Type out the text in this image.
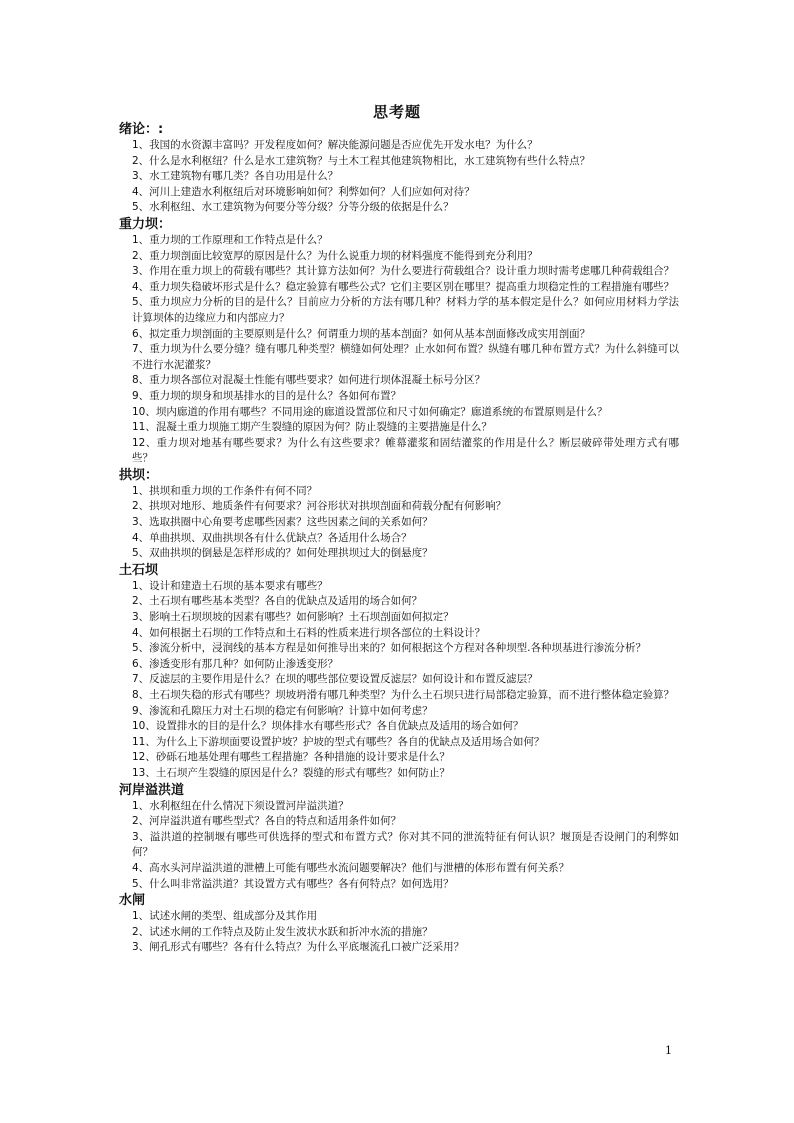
思考题
绪论：:
1、我国的水资源丰富吗？开发程度如何？解决能源问题是否应优先开发水电？为什么？
2、什么是水利枢纽？什么是水工建筑物？与土木工程其他建筑物相比，水工建筑物有些什么特点？
3、水工建筑物有哪几类？各自功用是什么？
4、河川上建造水利枢纽后对环境影响如何？利弊如何？人们应如何对待？
5、水利枢纽、水工建筑物为何要分等分级？分等分级的依据是什么？
重力坝：
1、重力坝的工作原理和工作特点是什么？
2、重力坝剖面比较宽厚的原因是什么？为什么说重力坝的材料强度不能得到充分利用？
3、作用在重力坝上的荷载有哪些？其计算方法如何？为什么要进行荷载组合？设计重力坝时需考虑哪几种荷载组合？
4、重力坝失稳破坏形式是什么？稳定验算有哪些公式？它们主要区别在哪里？提高重力坝稳定性的工程措施有哪些？
5、重力坝应力分析的目的是什么？目前应力分析的方法有哪几种？材料力学的基本假定是什么？如何应用材料力学法计算坝体的边缘应力和内部应力？
6、拟定重力坝剖面的主要原则是什么？何谓重力坝的基本剖面？如何从基本剖面修改成实用剖面？
7、重力坝为什么要分缝？缝有哪几种类型？横缝如何处理？止水如何布置？纵缝有哪几种布置方式？为什么斜缝可以不进行水泥灌浆？
8、重力坝各部位对混凝土性能有哪些要求？如何进行坝体混凝土标号分区？
9、重力坝的坝身和坝基排水的目的是什么？各如何布置？
10、坝内廊道的作用有哪些？不同用途的廊道设置部位和尺寸如何确定？廊道系统的布置原则是什么？
11、混凝土重力坝施工期产生裂缝的原因为何？防止裂缝的主要措施是什么？
12、重力坝对地基有哪些要求？为什么有这些要求？帷幕灌浆和固结灌浆的作用是什么？断层破碎带处理方式有哪些？
拱坝：
1、拱坝和重力坝的工作条件有何不同？
2、拱坝对地形、地质条件有何要求？河谷形状对拱坝剖面和荷载分配有何影响？
3、选取拱圈中心角要考虑哪些因素？这些因素之间的关系如何？
4、单曲拱坝、双曲拱坝各有什么优缺点？各适用什么场合？
5、双曲拱坝的倒悬是怎样形成的？如何处理拱坝过大的倒悬度？
土石坝
1、设计和建造土石坝的基本要求有哪些？
2、土石坝有哪些基本类型？各自的优缺点及适用的场合如何？
3、影响土石坝坝坡的因素有哪些？如何影响？土石坝剖面如何拟定？
4、如何根据土石坝的工作特点和土石料的性质来进行坝各部位的土料设计？
5、渗流分析中，浸润线的基本方程是如何推导出来的？如何根据这个方程对各种坝型.各种坝基进行渗流分析？
6、渗透变形有那几种？如何防止渗透变形？
7、反滤层的主要作用是什么？在坝的哪些部位要设置反滤层？如何设计和布置反滤层？
8、土石坝失稳的形式有哪些？坝坡坍滑有哪几种类型？为什么土石坝只进行局部稳定验算，而不进行整体稳定验算？
9、渗流和孔隙压力对土石坝的稳定有何影响？计算中如何考虑？
10、设置排水的目的是什么？坝体排水有哪些形式？各自优缺点及适用的场合如何？
11、为什么上下游坝面要设置护坡？护坡的型式有哪些？各自的优缺点及适用场合如何？
12、砂砾石地基处理有哪些工程措施？各种措施的设计要求是什么？
13、土石坝产生裂缝的原因是什么？裂缝的形式有哪些？如何防止？
河岸溢洪道
1、水利枢纽在什么情况下须设置河岸溢洪道？
2、河岸溢洪道有哪些型式？各自的特点和适用条件如何？
3、溢洪道的控制堰有哪些可供选择的型式和布置方式？你对其不同的泄流特征有何认识？堰顶是否设闸门的利弊如何？
4、高水头河岸溢洪道的泄槽上可能有哪些水流问题要解决？他们与泄槽的体形布置有何关系？
5、什么叫非常溢洪道？其设置方式有哪些？各有何特点？如何选用？
水闸
1、试述水闸的类型、组成部分及其作用
2、试述水闸的工作特点及防止发生波状水跃和折冲水流的措施？
3、闸孔形式有哪些？各有什么特点？为什么平底堰流孔口被广泛采用？
1
